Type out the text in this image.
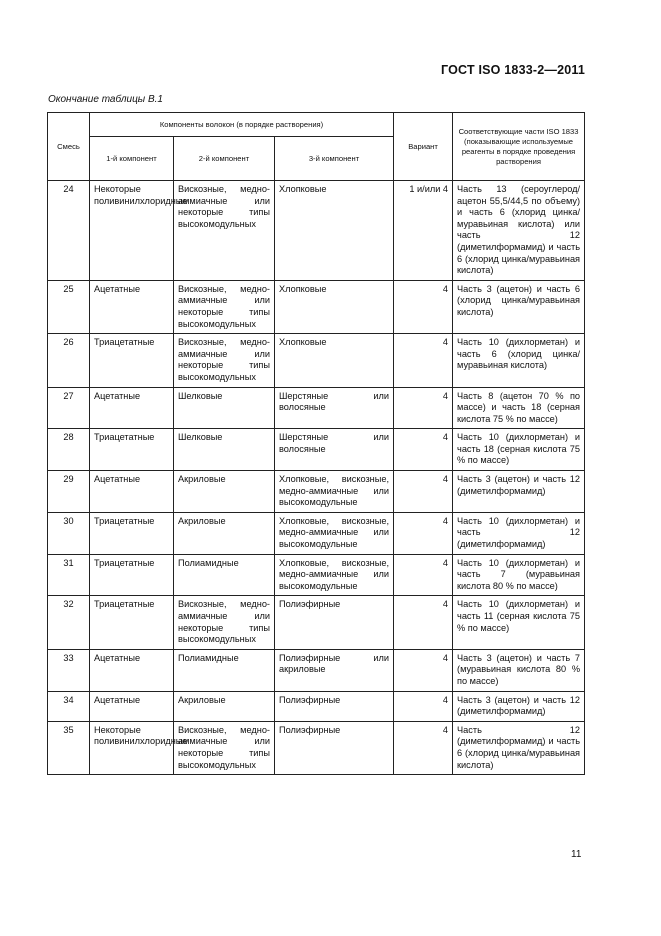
ГОСТ ISO 1833-2—2011
Окончание таблицы В.1
Смесь	Компоненты волокон (в порядке растворения)			Вариант	Соответствующие части ISO 1833 (показывающие используемые реагенты в порядке проведения растворения
	1-й компонент	2-й компонент	3-й компонент		
24	Некоторые поливинилхлоридные	Вискозные, медно-аммиачные или некоторые типы высокомодульных	Хлопковые	1 и/или 4	Часть 13 (сероуглерод/ацетон 55,5/44,5 по объему) и часть 6 (хлорид цинка/муравьиная кислота) или часть 12 (диметилформамид) и часть 6 (хлорид цинка/муравьиная кислота)
25	Ацетатные	Вискозные, медно-аммиачные или некоторые типы высокомодульных	Хлопковые	4	Часть 3 (ацетон) и часть 6 (хлорид цинка/муравьиная кислота)
26	Триацетатные	Вискозные, медно-аммиачные или некоторые типы высокомодульных	Хлопковые	4	Часть 10 (дихлорметан) и часть 6 (хлорид цинка/муравьиная кислота)
27	Ацетатные	Шелковые	Шерстяные или волосяные	4	Часть 8 (ацетон 70 % по массе) и часть 18 (серная кислота 75 % по массе)
28	Триацетатные	Шелковые	Шерстяные или волосяные	4	Часть 10 (дихлорметан) и часть 18 (серная кислота 75 % по массе)
29	Ацетатные	Акриловые	Хлопковые, вискозные, медно-аммиачные или высокомодульные	4	Часть 3 (ацетон) и часть 12 (диметилформамид)
30	Триацетатные	Акриловые	Хлопковые, вискозные, медно-аммиачные или высокомодульные	4	Часть 10 (дихлорметан) и часть 12 (диметилформамид)
31	Триацетатные	Полиамидные	Хлопковые, вискозные, медно-аммиачные или высокомодульные	4	Часть 10 (дихлорметан) и часть 7 (муравьиная кислота 80 % по массе)
32	Триацетатные	Вискозные, медно-аммиачные или некоторые типы высокомодульных	Полиэфирные	4	Часть 10 (дихлорметан) и часть 11 (серная кислота 75 % по массе)
33	Ацетатные	Полиамидные	Полиэфирные или акриловые	4	Часть 3 (ацетон) и часть 7 (муравьиная кислота 80 % по массе)
34	Ацетатные	Акриловые	Полиэфирные	4	Часть 3 (ацетон) и часть 12 (диметилформамид)
35	Некоторые поливинилхлоридные	Вискозные, медно-аммиачные или некоторые типы высокомодульных	Полиэфирные	4	Часть 12 (диметилформамид) и часть 6 (хлорид цинка/муравьиная кислота)
11
